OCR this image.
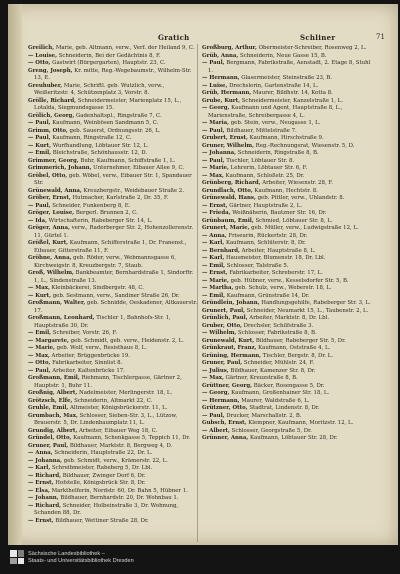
Gratich	Schliner	71

Greilich, Marie, geb. Altmann, verw., Verf. der Heiland 9, C.

— Louise, Schneiderin, Bei der Gedächtnis 8, F.

— Otto, Gastwirt (Bürgergarten), Hauptstr. 23, C.

Greng, Joseph, Kr. mitte, Reg.-Wegebaumstr., Wilhelm-Str. 13, E.

Greuhuber, Marie, Schriftl. geb. Wutzlich, verw., Weißeritzstr. 4, Schützenplatz 3, Vorstr. 8.

Grölle, Richard, Schneidermeister, Marienplatz 15, L., Lotalda, Siegmundsgasse 15.

Grölich, Georg, Gadenhaltspl., Ringstraße 7, C.

— Paul, Kaufmann, Weinbösen Sandmann 5, C.

Grimm, Otto, geb. Sauerst, Ordnungsstr. 26, L.

— Paul, Kaufmann, Ringstraße 12, C.

— Kurt, Wurfhandlung, Löbtauer Str. 12, L.

— Emil, Bleichstraße, Schönhausstr. 12, D.

Grimmer, Georg, Buhr, Kaufmann, Schiffstraße 1, L.

Grimmerich, Johann, Unternehmer, Eibauer Allee 9, C.

Gröbel, Otto, geb. Wöbel, verw., Eibauer Str. 1, Spandauer Str.

Grünewald, Anna, Kreuzbergstr., Weidebauer Straße 2.

Gröber, Ernst, Hutmacher, Karlstraße 2, Dr. 35, F.

— Paul, Schneider, Funkenberg 8, E.

Gröger, Louise, Bergerl. Brunnen 2, C.

— Ida, Wirtschafterin, Rabeberger Str. 14, L.

Gröger, Anna, verw., Raderberger Str. 2, Hohenzollerenstr. 11, Gürtel 1.

Größel, Kurt, Kaufmann, Schifferstraße 1, Dr. Franenst., Eibauer, Gitterstraße 11, F.

Gröhne, Anna, geb. Röder, verw., Webmannsgasse 6, Kirchweigstr. 8, Kreuzbergstr. 7, Staub.

Groß, Wilhelm, Bankbeamter, Bernhardstraße 1, Sindorftr. 1, L., Sindenstraße 13.

— Max, Kleinbäckerei, Sindbergstr. 48, C.

— Kurt, geb. Sestmann, verw., Sandiner Straße 26, Dr.

Großmann, Walter, geb. Schnidde, Oeskadener, Altkauerstr. 17.

Großmann, Leonhard, Tischler 1, Bahnhofs-Str. 1, Hauptstraße 30, Dr.

— Emil, Schreiber, Vorstr. 26, F.

— Margarete, geb. Schmidt, geb. verw., Heidenstr. 2, L.

— Marie, geb. Wolf, verw., Resisthaus 8, L.

— Max, Arbeiter, Brüggenbrücke 19.

— Otto, Fabrikarbeiter, Sinnlist 8.

— Paul, Arbeiter, Kaltenbrücke 17.

Großmann, Emil, Riehmann, Tischlergasse, Gärtner 2, Hauptstr. 1, Buhr 11.

Großnig, Albert, Nadelmeister, Merlingerstr. 18, L.

Grötzsch, Elfe, Schneiderin, Altmarkt 22, C.

Gruhle, Emil, Altmeister, Königsbrückerstr. 11, L.

Grumbach, Max, Schlosser, Sieben-Str. 3, L., Lützow, Brauerstr. 5, Dr. Lindenbaumplatz 11, L.

Grundig, Albert, Arbeiter, Eibauer Weg 18, C.

Gründel, Otto, Kaufmann, Schenkgasse 5, Teppich 11, Dr.

Gruner, Paul, Bildhauer, Marktstr. 8, Bergweg 4, D.

— Anna, Schneiderin, Hauptstraße 22, Dr. L.

— Johanna, geb. Schmidt, verw., Krämerstr. 22, L.

— Karl, Schreibmeister, Rabeberg 5, Dr. Lbl.

— Richard, Bildhauer, Zwinger Dorf 6, Dr.

— Ernst, Hofstelle, Königsbrück Str. 8, Dr.

— Elsa, Markthelferin, Nordstr. 60, Dr. Bahn 5, Hübner 1.

— Johann, Bildhauer, Bernhardstr. 20, Dr. Wohnbau 1.

— Richard, Schneider, Holbeinstraße 3, Dr. Wohnung, Schanden 88, Dr.

— Ernst, Bildhauer, Wettiner Straße 28, Dr.

Großburg, Arthur, Obermeister-Schreiber, Rosenweg 2, L.

Grüb, Anna, Schneiderin, Neue Gasse 15, B.

— Paul, Bergmann, Fabrikstraße, Aenstadt, 2. Etage 8, Stuhl 1.

— Hermann, Glasermeister, Steinstraße 23, B.

— Luise, Drechslerin, Gartenstraße 14, L.

Grüb, Hermann, Maurer, Bildhstr. 14, Kotta 8.

Grube, Kurt, Schneidermeister, Kanzelstraße 1, L.

— Georg, Kaufmann und Agent, Hauptstraße 8, L., Marienstraße, Schreibergasse 4, L.

— Maria, geb. Stein, verw., Neugasse 1, L.

— Paul, Bildhauer, Mittelstraße 7.

Grubert, Ernst, Kaufmann, Hirschstraße 9.

Gruner, Wilhelm, Reg.-Rechnungsrat, Wiesenstr. 5, D.

— Johanna, Schneiderin, Ringstraße 8, B.

— Paul, Tischler, Löbtauer Str. 8.

— Marie, Lehrerin, Löbtauer Str. 6, F.

— Max, Kaufmann, Schloßstr. 25, Dr.

Grünberg, Richard, Arbeiter, Wiesenstr. 28, F.

Grundlach, Otto, Kaufmann, Hechtstr. 8.

Grünewald, Hans, geb. Pittler, verw., Uhlandstr. 8.

— Ernst, Gärtner, Hauptstraße 2, L.

— Frieda, Weißnäherin, Bautzner Str. 16, Dr.

Grünbaum, Emil, Schmied, Löbtauer Str. 8, L.

Grunert, Marie, geb. Müller, verw., Ludwigstraße 12, L.

— Anna, Friseurin, Rückertstr. 28, Dr.

— Karl, Kaufmann, Schlüterstr. 8, Dr.

— Bernhard, Arbeiter, Hauptstraße 8, L.

— Karl, Hausmeister, Blumenstr. 18, Dr. Lbl.

— Emil, Schlosser, Talstraße 5.

— Ernst, Fabrikarbeiter, Schreberstr. 17, L.

— Marie, geb. Hübner, verw., Kesselsdorfer Str. 5, B.

— Martha, geb. Schulz, verw., Weberstr. 18, L.

— Emil, Kaufmann, Grünstraße 14, Dr.

Gründlein, Johann, Handlungsgehilfe, Rabeberger Str. 3, L.

Grunert, Paul, Schneider, Neumarkt 15, L., Taubenstr. 2, L.

Grünlich, Paul, Arbeiter, Marktstr. 8, Dr. Lbl.

Gruber, Otto, Drechsler, Schilfstraße 3.

— Wilhelm, Schlosser, Fabrikstraße 8, B.

Grunewald, Kurt, Bildhauer, Rabeberger Str. 5, Dr.

Grünkraut, Franz, Kaufmann, Oststraße 4, L.

Grüning, Hermann, Tischler, Bergstr. 8, Dr. L.

Gruner, Paul, Schneider, Mühlstr. 24, F.

— Julius, Bildhauer, Kamenzer Str. 8, Dr.

— Max, Gärtner, Kreuzstraße 8, B.

Grüttner, Georg, Bäcker, Rosengasse 5, Dr.

— Georg, Kaufmann, Großenhainer Str. 18, L.

— Hermann, Maurer, Waldstraße 6, L.

Grützner, Otto, Stadtrat, Lindenstr. 8, Dr.

— Paul, Drucker, Marschallstr. 2, B.

Gubsch, Ernst, Klempner, Kaufmann, Moritzstr. 12, L.

— Albert, Schlosser, Georgstraße 5, Dr.

Grünner, Anna, Kaufmann, Löbtauer Str. 28, Dr.

Sächsische Landesbibliothek –
Staats- und Universitätsbibliothek Dresden
